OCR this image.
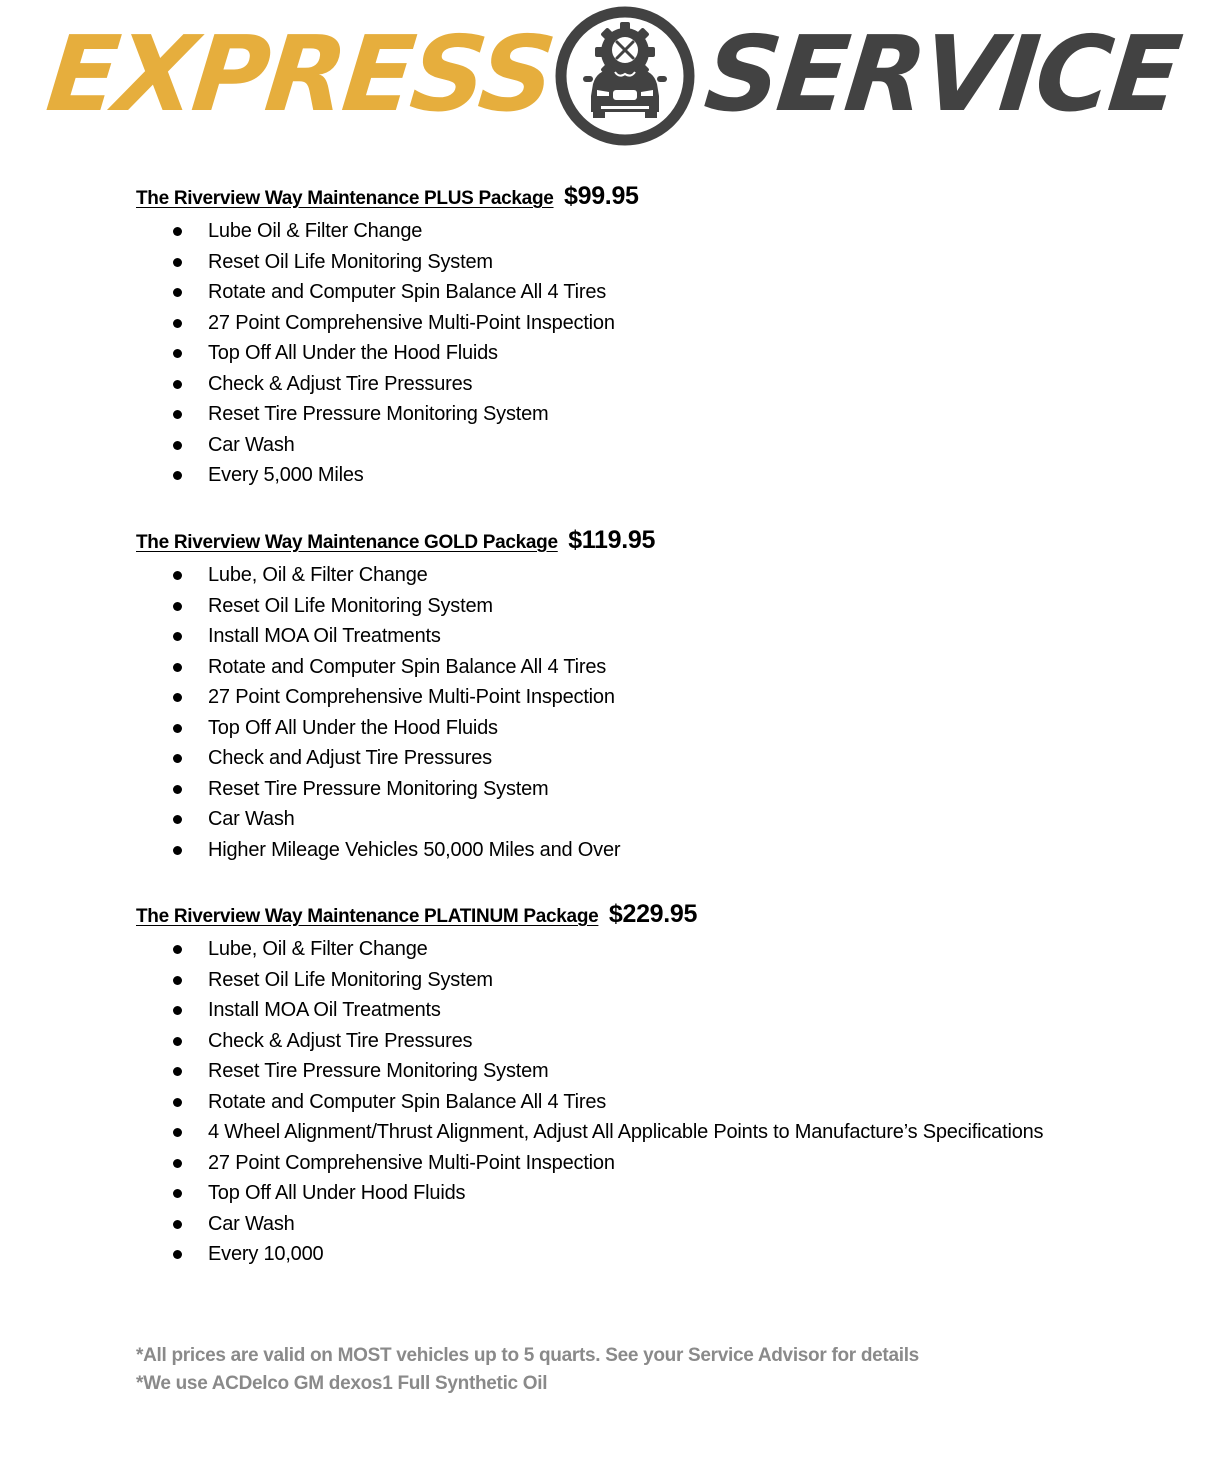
EXPRESS SERVICE
The Riverview Way Maintenance PLUS Package $99.95
Lube Oil & Filter Change
Reset Oil Life Monitoring System
Rotate and Computer Spin Balance All 4 Tires
27 Point Comprehensive Multi-Point Inspection
Top Off All Under the Hood Fluids
Check & Adjust Tire Pressures
Reset Tire Pressure Monitoring System
Car Wash
Every 5,000 Miles
The Riverview Way Maintenance GOLD Package $119.95
Lube, Oil & Filter Change
Reset Oil Life Monitoring System
Install MOA Oil Treatments
Rotate and Computer Spin Balance All 4 Tires
27 Point Comprehensive Multi-Point Inspection
Top Off All Under the Hood Fluids
Check and Adjust Tire Pressures
Reset Tire Pressure Monitoring System
Car Wash
Higher Mileage Vehicles 50,000 Miles and Over
The Riverview Way Maintenance PLATINUM Package $229.95
Lube, Oil & Filter Change
Reset Oil Life Monitoring System
Install MOA Oil Treatments
Check & Adjust Tire Pressures
Reset Tire Pressure Monitoring System
Rotate and Computer Spin Balance All 4 Tires
4 Wheel Alignment/Thrust Alignment, Adjust All Applicable Points to Manufacture’s Specifications
27 Point Comprehensive Multi-Point Inspection
Top Off All Under Hood Fluids
Car Wash
Every 10,000
*All prices are valid on MOST vehicles up to 5 quarts. See your Service Advisor for details
*We use ACDelco GM dexos1 Full Synthetic Oil
